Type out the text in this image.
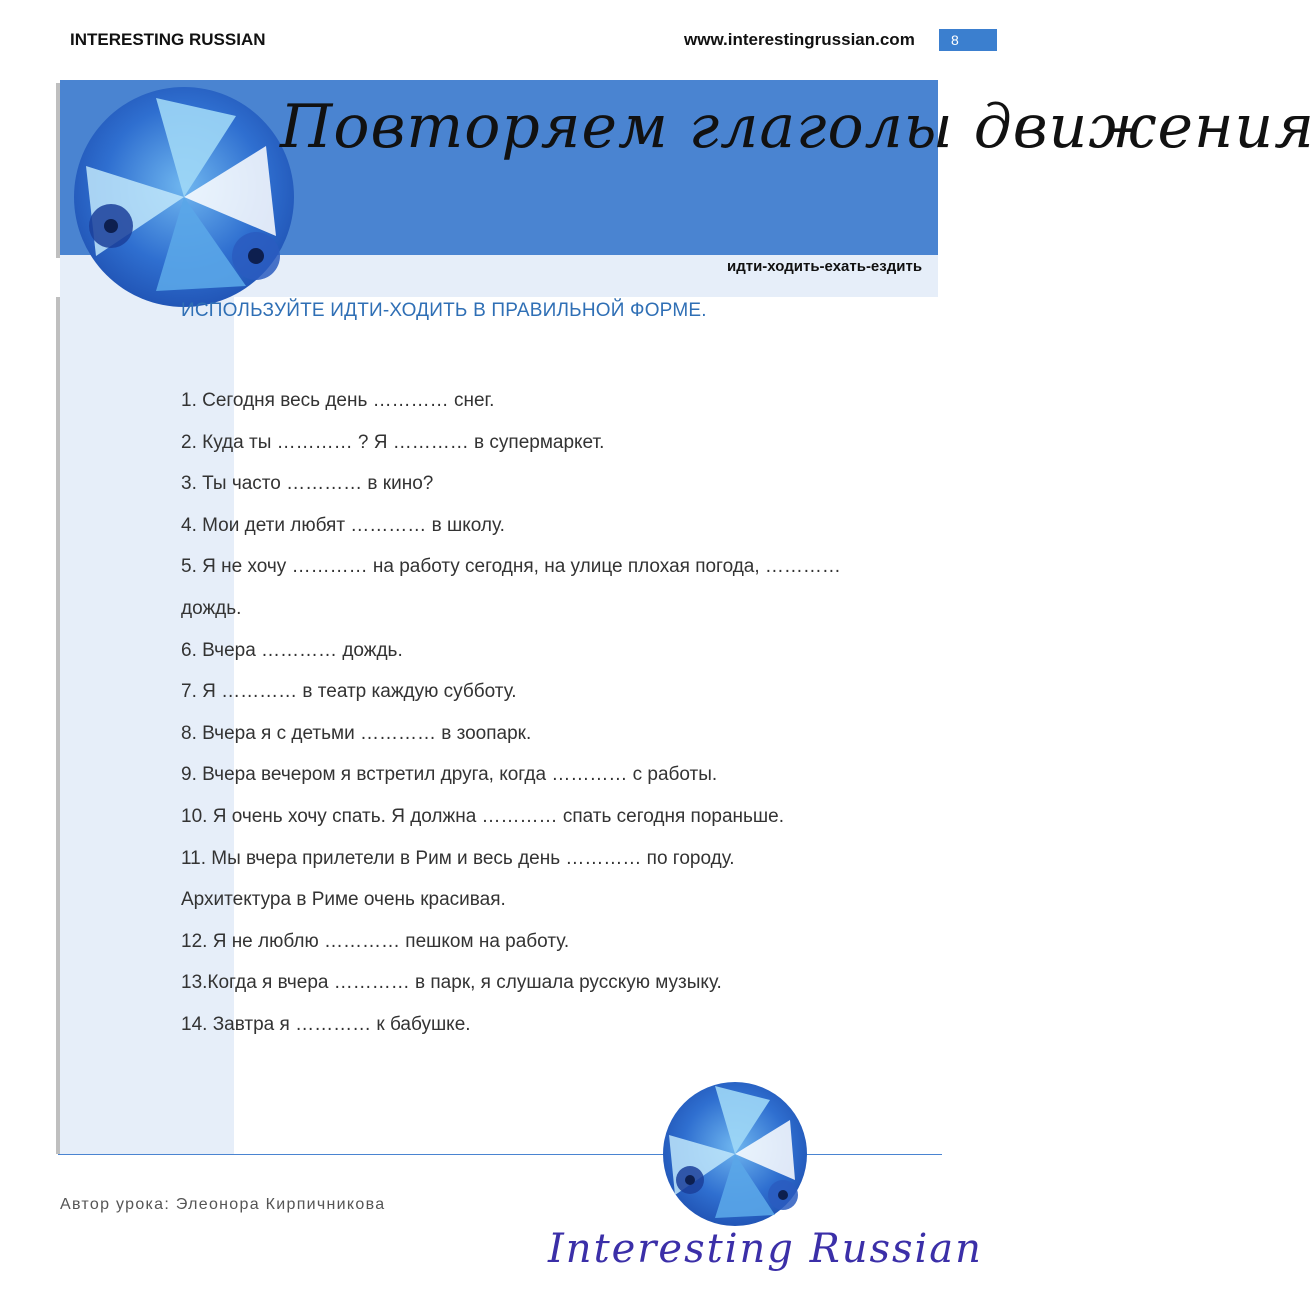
INTERESTING RUSSIAN	www.interestingrussian.com	8
Повторяем глаголы движения
идти-ходить-ехать-ездить
ИСПОЛЬЗУЙТЕ ИДТИ-ХОДИТЬ В ПРАВИЛЬНОЙ ФОРМЕ.
1. Сегодня весь день ………… снег.
2. Куда ты ………… ? Я ………… в супермаркет.
3. Ты часто ………… в кино?
4. Мои дети любят ………… в школу.
5. Я не хочу ………… на работу сегодня, на улице плохая погода, …………
дождь.
6. Вчера ………… дождь.
7. Я ………… в театр каждую субботу.
8. Вчера я с детьми ………… в зоопарк.
9. Вчера вечером я встретил друга, когда ………… с работы.
10. Я очень хочу спать. Я должна ………… спать сегодня пораньше.
11. Мы вчера прилетели в Рим и весь день ………… по городу.
Архитектура в Риме очень красивая.
12. Я не люблю ………… пешком на работу.
13.Когда я вчера ………… в парк, я слушала русскую музыку.
14. Завтра я ………… к бабушке.
Автор урока: Элеонора Кирпичникова
Interesting Russian
